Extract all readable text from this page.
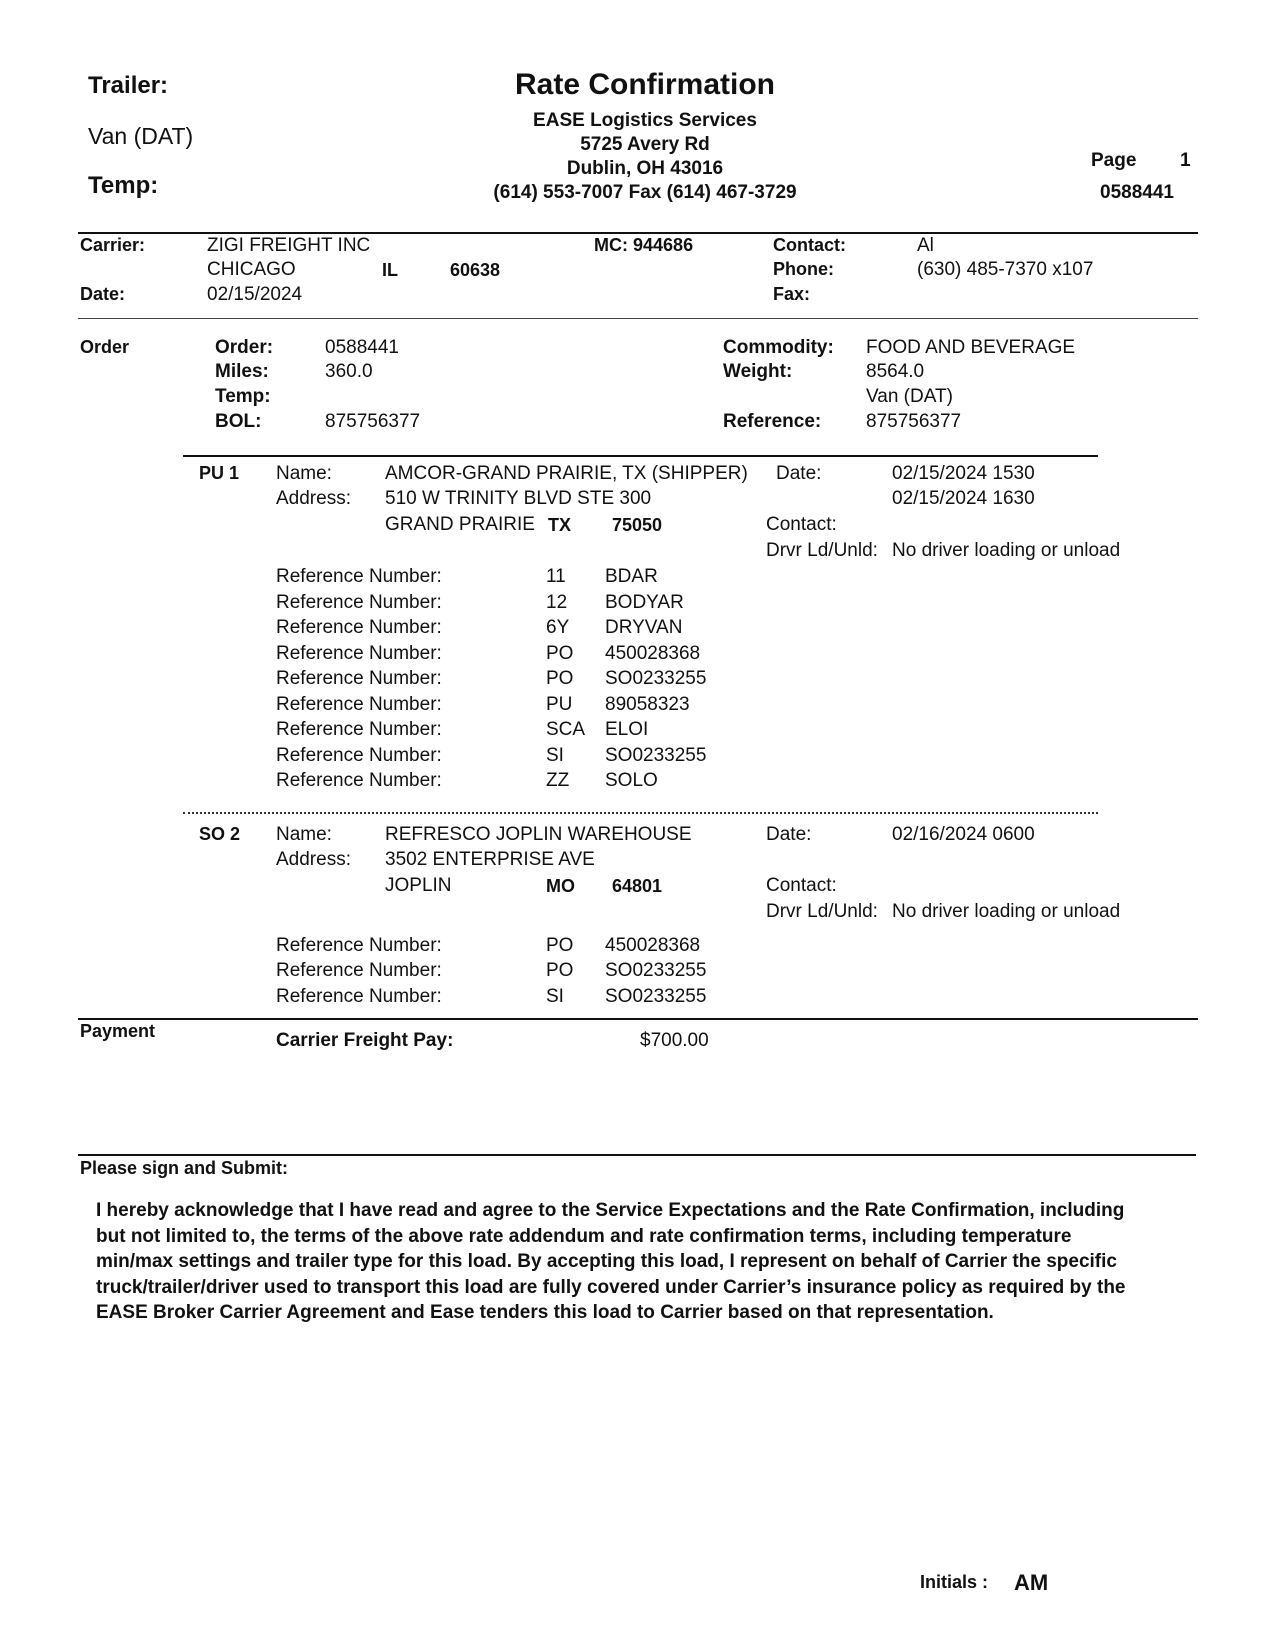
Trailer:
Van (DAT)
Temp:
Rate Confirmation
EASE Logistics Services
5725 Avery Rd
Dublin, OH 43016
(614) 553-7007 Fax (614) 467-3729
Page 1
0588441
Carrier:	ZIGI FREIGHT INC
CHICAGO	IL	60638
Date:	02/15/2024
MC: 944686	Contact:	Al
Phone:	(630) 485-7370 x107
Fax:
Order	Order:	0588441
Miles:	360.0
Temp:
BOL:	875756377
Commodity: FOOD AND BEVERAGE
Weight:	8564.0
Van (DAT)
Reference: 875756377
PU 1 Name:	AMCOR-GRAND PRAIRIE, TX (SHIPPER)
Address: 510 W TRINITY BLVD STE 300
GRAND PRAIRIE TX 75050
Date:	02/15/2024 1530
02/15/2024 1630
Contact:
Drvr Ld/Unld: No driver loading or unload
Reference Number:	11 BDAR
Reference Number:	12 BODYAR
Reference Number:	6Y DRYVAN
Reference Number:	PO 450028368
Reference Number:	PO SO0233255
Reference Number:	PU 89058323
Reference Number:	SCA ELOI
Reference Number:	SI SO0233255
Reference Number:	ZZ SOLO
SO 2 Name:	REFRESCO JOPLIN WAREHOUSE
Address: 3502 ENTERPRISE AVE
JOPLIN	MO 64801
Date:	02/16/2024 0600
Contact:
Drvr Ld/Unld: No driver loading or unload
Reference Number:	PO 450028368
Reference Number:	PO SO0233255
Reference Number:	SI SO0233255
Payment	Carrier Freight Pay:	$700.00
Please sign and Submit:
I hereby acknowledge that I have read and agree to the Service Expectations and the Rate Confirmation, including
but not limited to, the terms of the above rate addendum and rate confirmation terms, including temperature
min/max settings and trailer type for this load. By accepting this load, I represent on behalf of Carrier the specific
truck/trailer/driver used to transport this load are fully covered under Carrier’s insurance policy as required by the
EASE Broker Carrier Agreement and Ease tenders this load to Carrier based on that representation.
Initials : AM
